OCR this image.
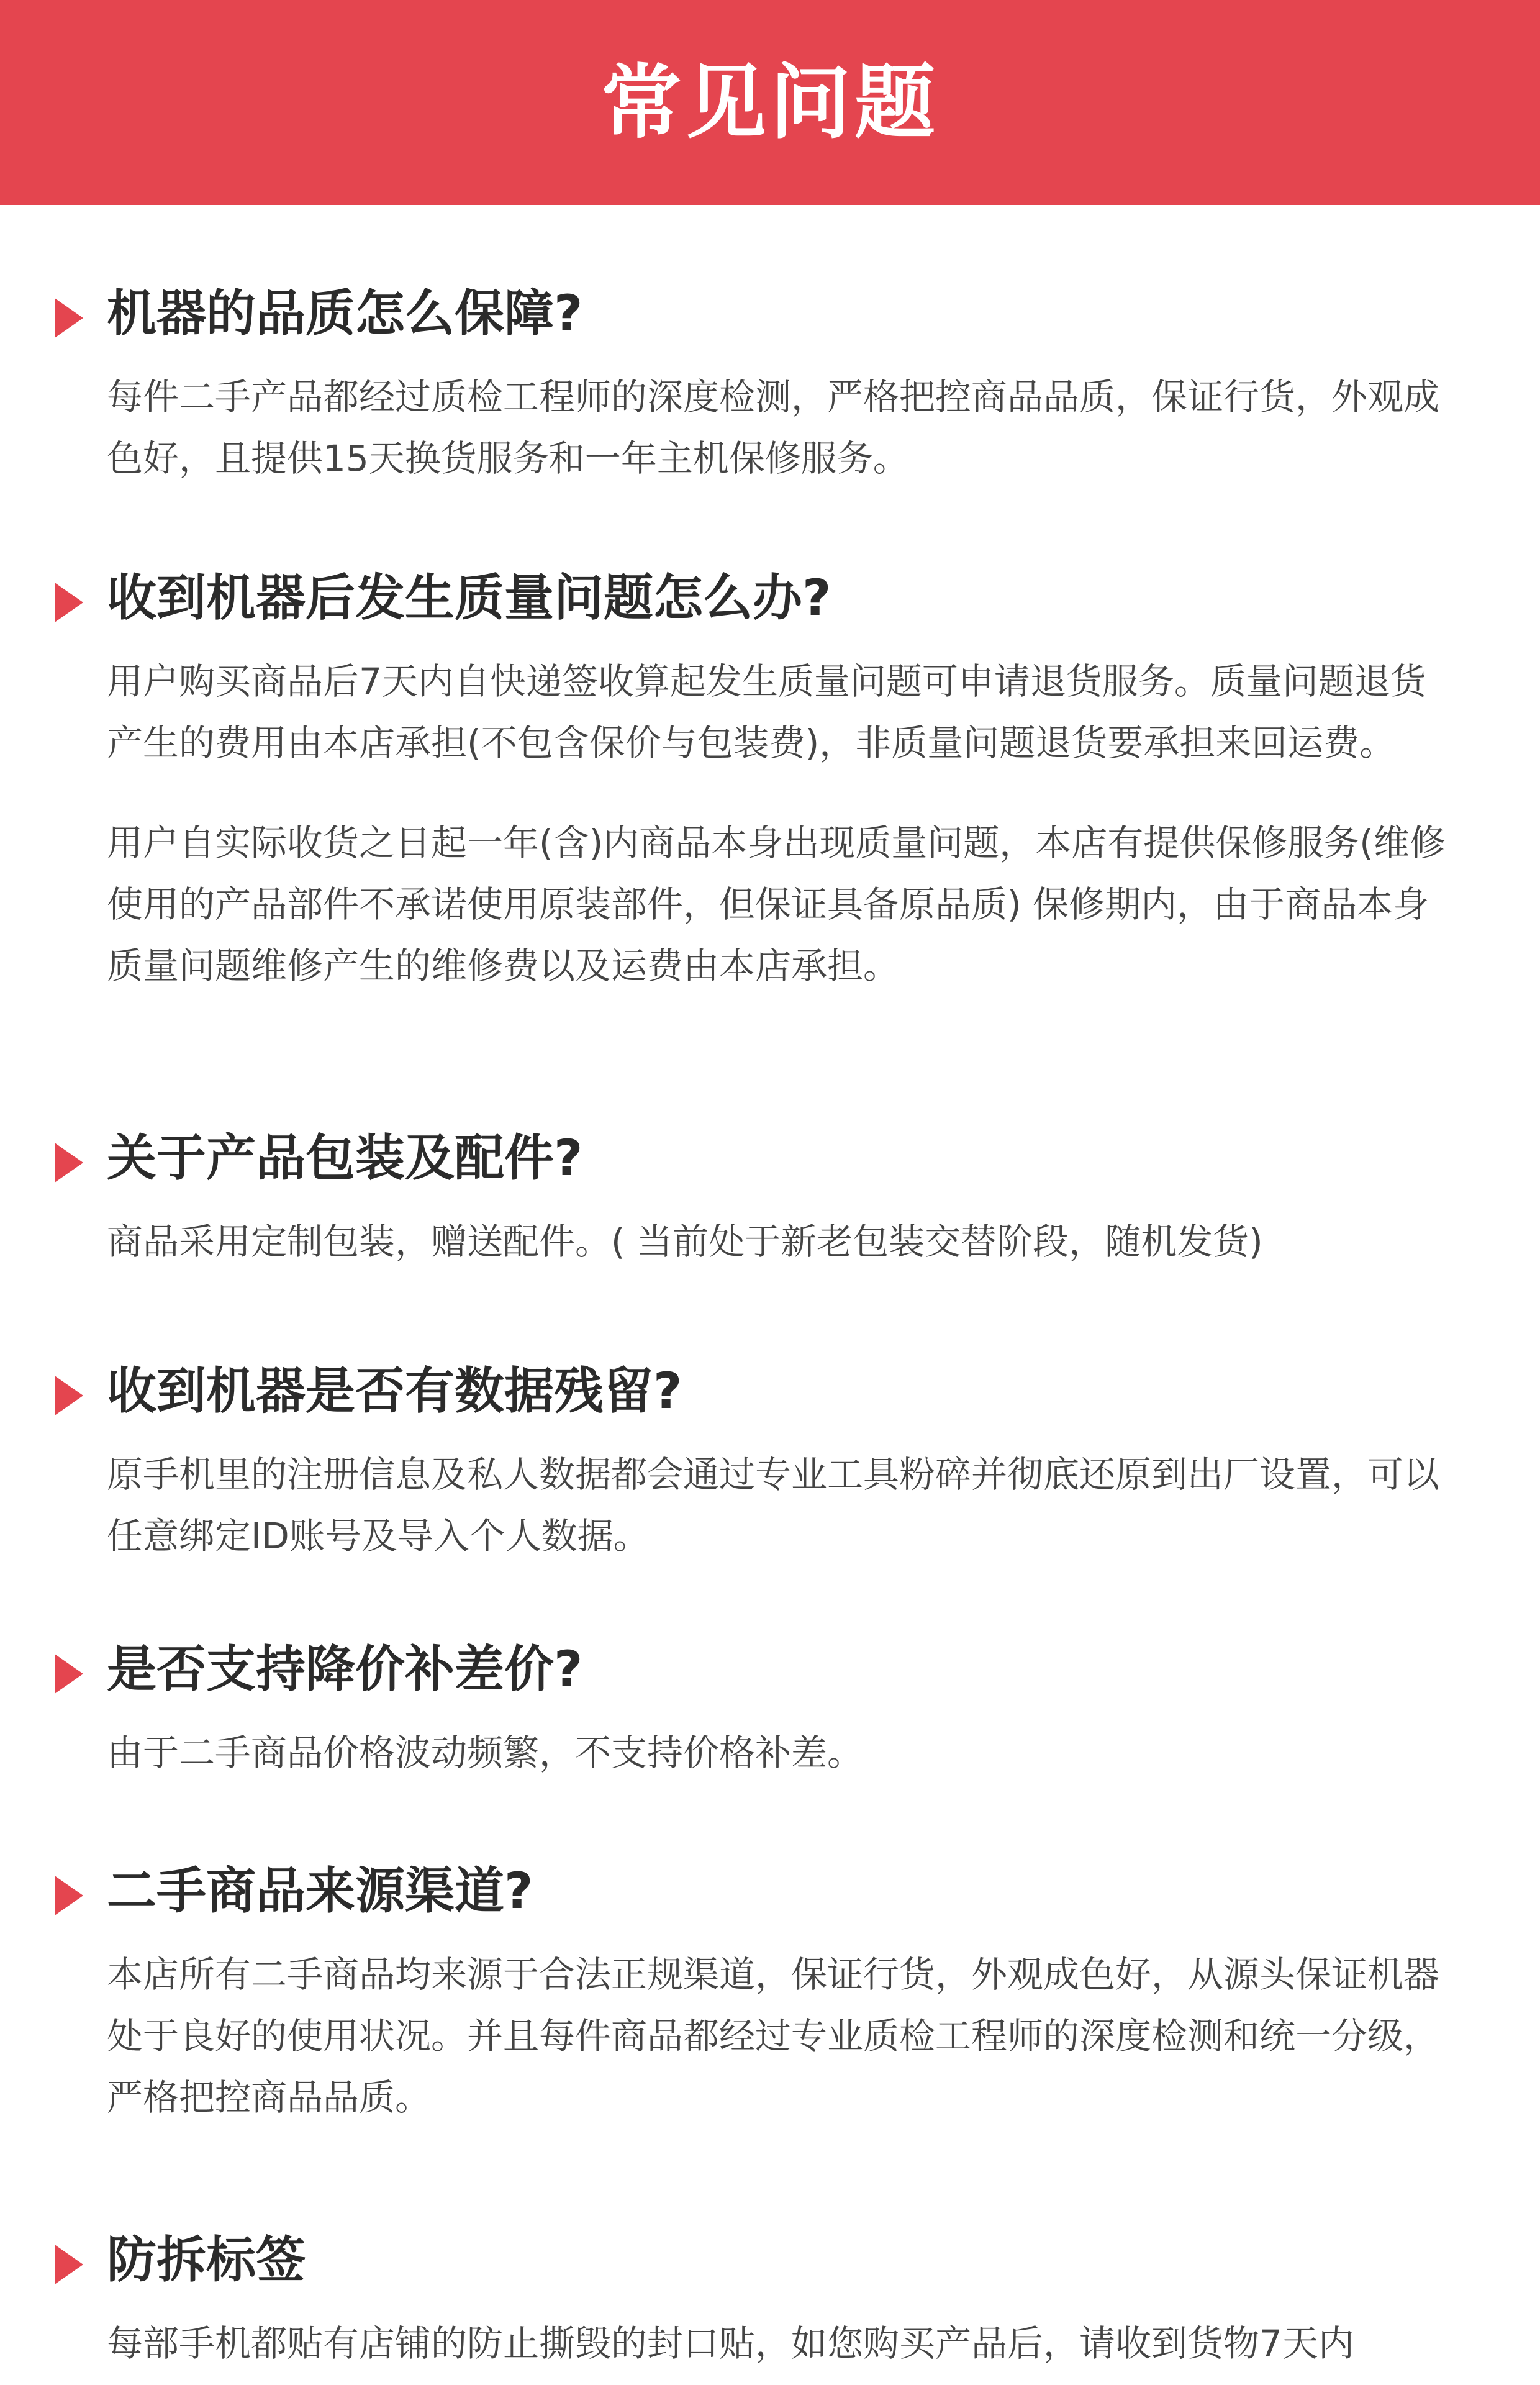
常见问题
机器的品质怎么保障?

每件二手产品都经过质检工程师的深度检测，严格把控商品品质，保证行货，外观成色好，且提供15天换货服务和一年主机保修服务。

收到机器后发生质量问题怎么办?

用户购买商品后7天内自快递签收算起发生质量问题可申请退货服务。质量问题退货产生的费用由本店承担(不包含保价与包装费)，非质量问题退货要承担来回运费。

用户自实际收货之日起一年(含)内商品本身出现质量问题，本店有提供保修服务(维修使用的产品部件不承诺使用原装部件，但保证具备原品质) 保修期内，由于商品本身质量问题维修产生的维修费以及运费由本店承担。

关于产品包装及配件?

商品采用定制包装，赠送配件。( 当前处于新老包装交替阶段，随机发货)

收到机器是否有数据残留?

原手机里的注册信息及私人数据都会通过专业工具粉碎并彻底还原到出厂设置，可以任意绑定ID账号及导入个人数据。

是否支持降价补差价?

由于二手商品价格波动频繁，不支持价格补差。

二手商品来源渠道?

本店所有二手商品均来源于合法正规渠道，保证行货，外观成色好，从源头保证机器处于良好的使用状况。并且每件商品都经过专业质检工程师的深度检测和统一分级， 严格把控商品品质。

防拆标签

每部手机都贴有店铺的防止撕毁的封口贴，如您购买产品后，请收到货物7天内
